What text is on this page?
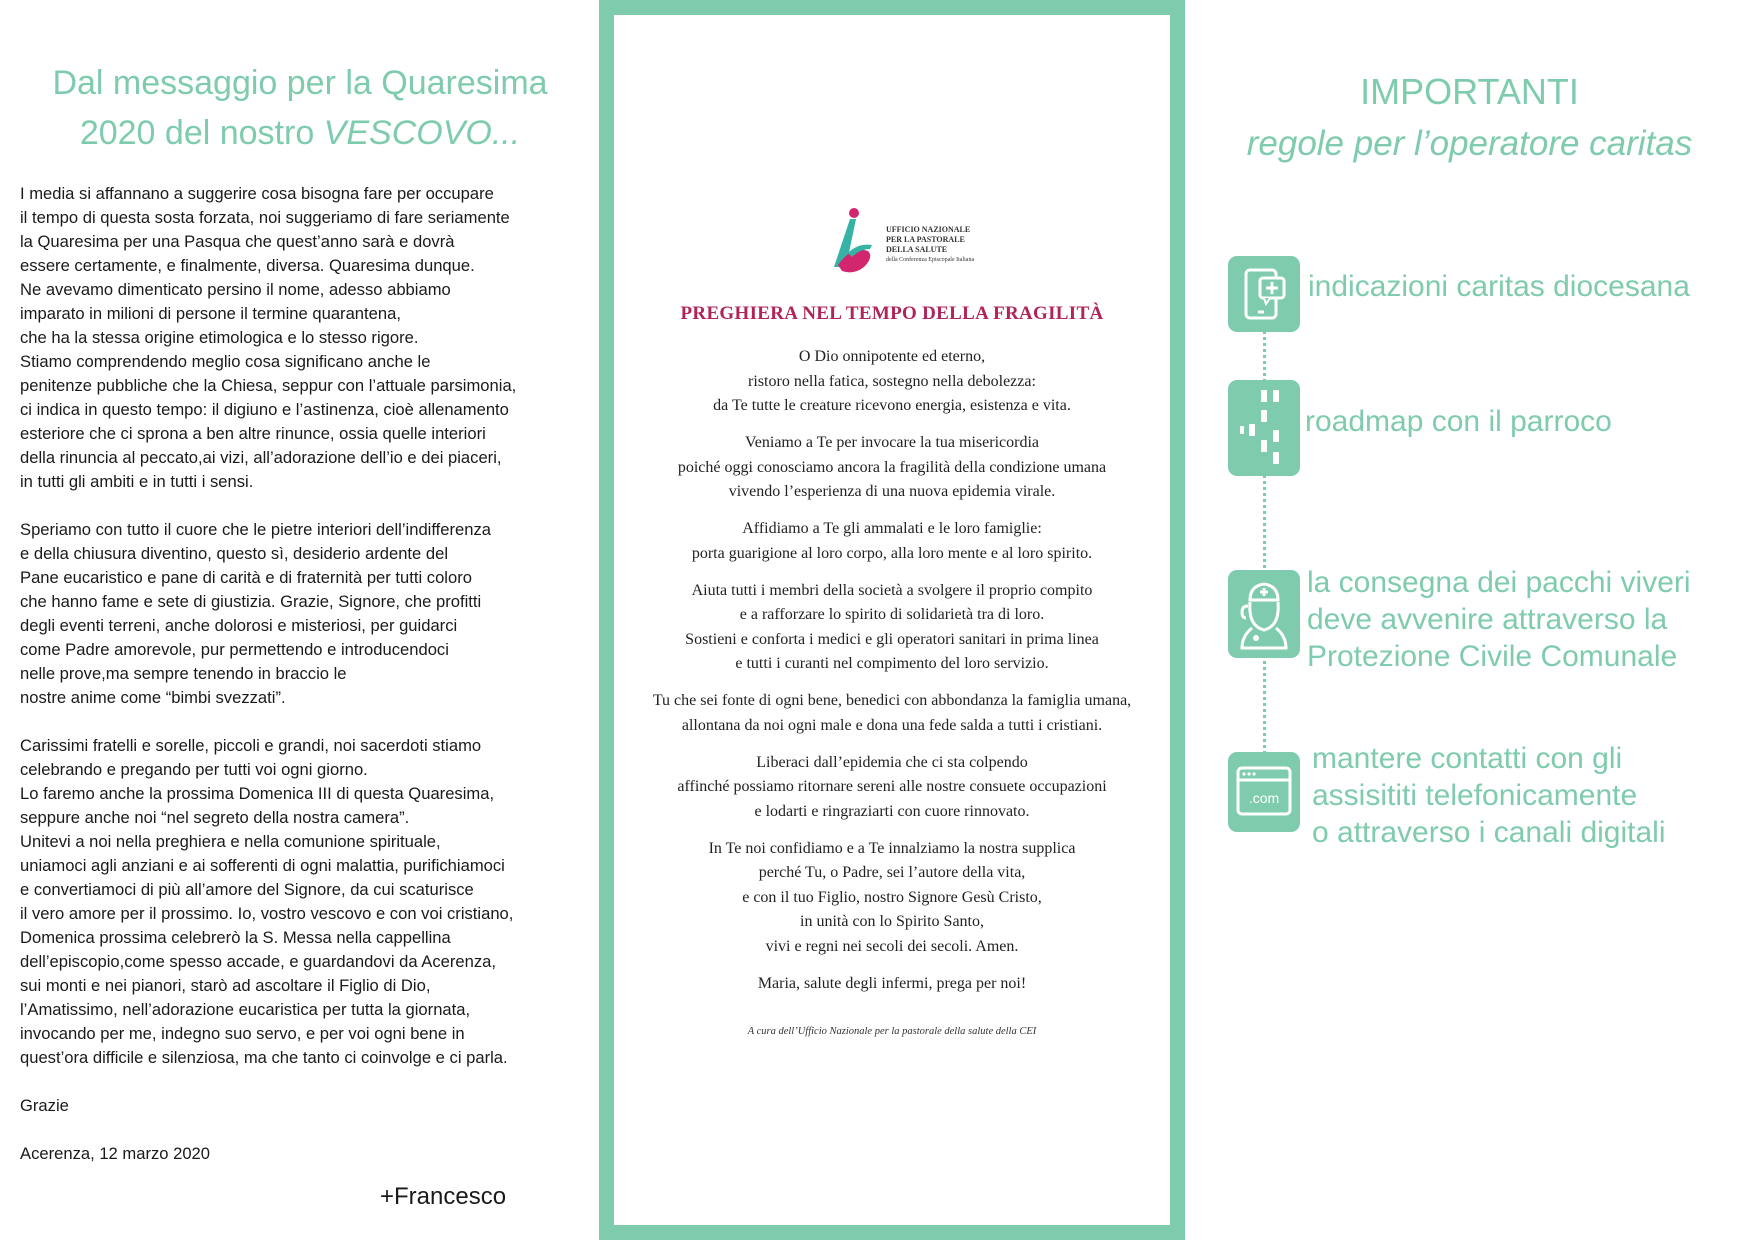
Dal messaggio per la Quaresima
2020 del nostro VESCOVO...

I media si affannano a suggerire cosa bisogna fare per occupare
il tempo di questa sosta forzata, noi suggeriamo di fare seriamente
la Quaresima per una Pasqua che quest’anno sarà e dovrà
essere certamente, e finalmente, diversa. Quaresima dunque.
Ne avevamo dimenticato persino il nome, adesso abbiamo
imparato in milioni di persone il termine quarantena,
che ha la stessa origine etimologica e lo stesso rigore.
Stiamo comprendendo meglio cosa significano anche le
penitenze pubbliche che la Chiesa, seppur con l’attuale parsimonia,
ci indica in questo tempo: il digiuno e l’astinenza, cioè allenamento
esteriore che ci sprona a ben altre rinunce, ossia quelle interiori
della rinuncia al peccato,ai vizi, all’adorazione dell’io e dei piaceri,
in tutti gli ambiti e in tutti i sensi.

Speriamo con tutto il cuore che le pietre interiori dell’indifferenza
e della chiusura diventino, questo sì, desiderio ardente del
Pane eucaristico e pane di carità e di fraternità per tutti coloro
che hanno fame e sete di giustizia. Grazie, Signore, che profitti
degli eventi terreni, anche dolorosi e misteriosi, per guidarci
come Padre amorevole, pur permettendo e introducendoci
nelle prove,ma sempre tenendo in braccio le
nostre anime come “bimbi svezzati”.

Carissimi fratelli e sorelle, piccoli e grandi, noi sacerdoti stiamo
celebrando e pregando per tutti voi ogni giorno.
Lo faremo anche la prossima Domenica III di questa Quaresima,
seppure anche noi “nel segreto della nostra camera”.
Unitevi a noi nella preghiera e nella comunione spirituale,
uniamoci agli anziani e ai sofferenti di ogni malattia, purifichiamoci
e convertiamoci di più all’amore del Signore, da cui scaturisce
il vero amore per il prossimo. Io, vostro vescovo e con voi cristiano,
Domenica prossima celebrerò la S. Messa nella cappellina
dell’episcopio,come spesso accade, e guardandovi da Acerenza,
sui monti e nei pianori, starò ad ascoltare il Figlio di Dio,
l’Amatissimo, nell’adorazione eucaristica per tutta la giornata,
invocando per me, indegno suo servo, e per voi ogni bene in
quest’ora difficile e silenziosa, ma che tanto ci coinvolge e ci parla.

Grazie

Acerenza, 12 marzo 2020

+Francesco
UFFICIO NAZIONALE
PER LA PASTORALE
DELLA SALUTE
della Conferenza Episcopale Italiana
PREGHIERA NEL TEMPO DELLA FRAGILITÀ

O Dio onnipotente ed eterno,
ristoro nella fatica, sostegno nella debolezza:
da Te tutte le creature ricevono energia, esistenza e vita.

Veniamo a Te per invocare la tua misericordia
poiché oggi conosciamo ancora la fragilità della condizione umana
vivendo l’esperienza di una nuova epidemia virale.

Affidiamo a Te gli ammalati e le loro famiglie:
porta guarigione al loro corpo, alla loro mente e al loro spirito.

Aiuta tutti i membri della società a svolgere il proprio compito
e a rafforzare lo spirito di solidarietà tra di loro.
Sostieni e conforta i medici e gli operatori sanitari in prima linea
e tutti i curanti nel compimento del loro servizio.

Tu che sei fonte di ogni bene, benedici con abbondanza la famiglia umana,
allontana da noi ogni male e dona una fede salda a tutti i cristiani.

Liberaci dall’epidemia che ci sta colpendo
affinché possiamo ritornare sereni alle nostre consuete occupazioni
e lodarti e ringraziarti con cuore rinnovato.

In Te noi confidiamo e a Te innalziamo la nostra supplica
perché Tu, o Padre, sei l’autore della vita,
e con il tuo Figlio, nostro Signore Gesù Cristo,
in unità con lo Spirito Santo,
vivi e regni nei secoli dei secoli. Amen.

Maria, salute degli infermi, prega per noi!

A cura dell’Ufficio Nazionale per la pastorale della salute della CEI
IMPORTANTI
regole per l’operatore caritas
indicazioni caritas diocesana
roadmap con il parroco
la consegna dei pacchi viveri
deve avvenire attraverso la
Protezione Civile Comunale
.com
mantere contatti con gli
assisititi telefonicamente
o attraverso i canali digitali
